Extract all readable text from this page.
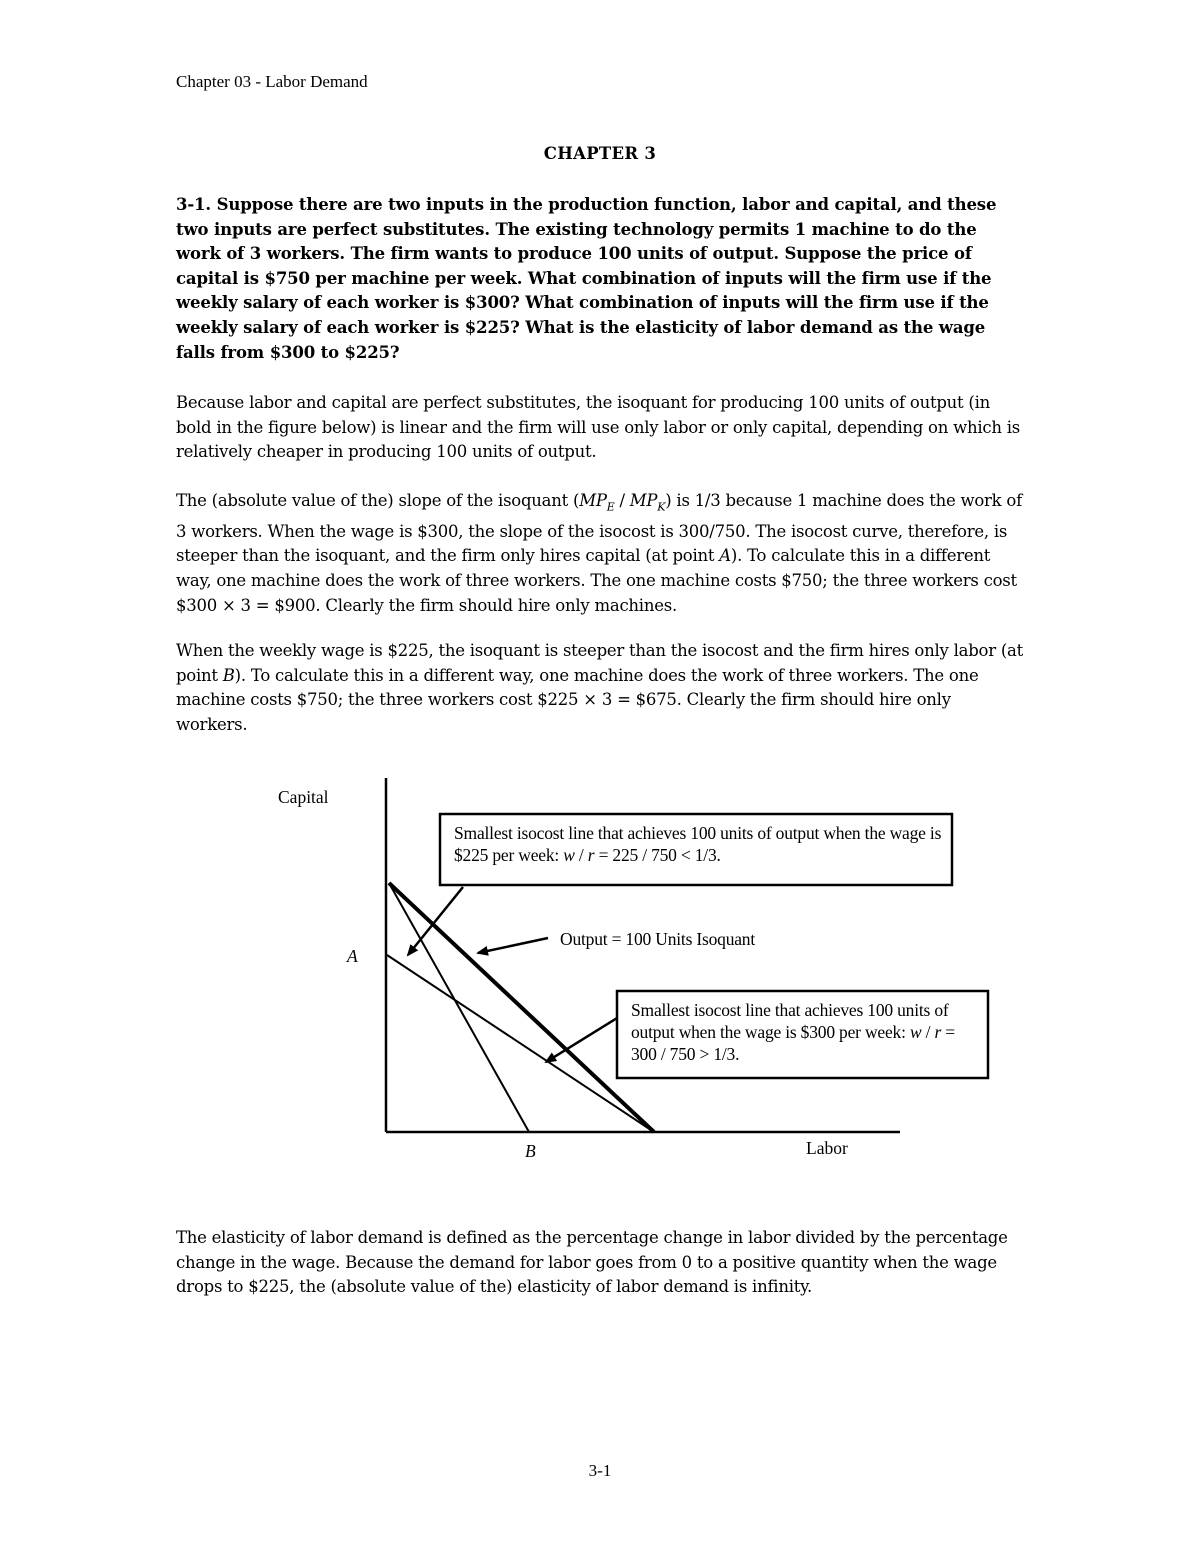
Chapter 03 - Labor Demand
CHAPTER 3
3-1. Suppose there are two inputs in the production function, labor and capital, and these two inputs are perfect substitutes. The existing technology permits 1 machine to do the work of 3 workers. The firm wants to produce 100 units of output. Suppose the price of capital is $750 per machine per week. What combination of inputs will the firm use if the weekly salary of each worker is $300? What combination of inputs will the firm use if the weekly salary of each worker is $225? What is the elasticity of labor demand as the wage falls from $300 to $225?
Because labor and capital are perfect substitutes, the isoquant for producing 100 units of output (in bold in the figure below) is linear and the firm will use only labor or only capital, depending on which is relatively cheaper in producing 100 units of output.
The (absolute value of the) slope of the isoquant $(MP_E / MP_K)$ is 1/3 because 1 machine does the work of 3 workers. When the wage is $300, the slope of the isocost is 300/750. The isocost curve, therefore, is steeper than the isoquant, and the firm only hires capital (at point A). To calculate this in a different way, one machine does the work of three workers. The one machine costs $750; the three workers cost $300 × 3 = $900. Clearly the firm should hire only machines.
When the weekly wage is $225, the isoquant is steeper than the isocost and the firm hires only labor (at point B). To calculate this in a different way, one machine does the work of three workers. The one machine costs $750; the three workers cost $225 × 3 = $675. Clearly the firm should hire only workers.
Capital
Labor
A
B
Output = 100 Units Isoquant
Smallest isocost line that achieves 100 units of output when the wage is $225 per week: w / r = 225 / 750 < 1/3.
Smallest isocost line that achieves 100 units of output when the wage is $300 per week: w / r = 300 / 750 > 1/3.
The elasticity of labor demand is defined as the percentage change in labor divided by the percentage change in the wage. Because the demand for labor goes from 0 to a positive quantity when the wage drops to $225, the (absolute value of the) elasticity of labor demand is infinity.
3-1
